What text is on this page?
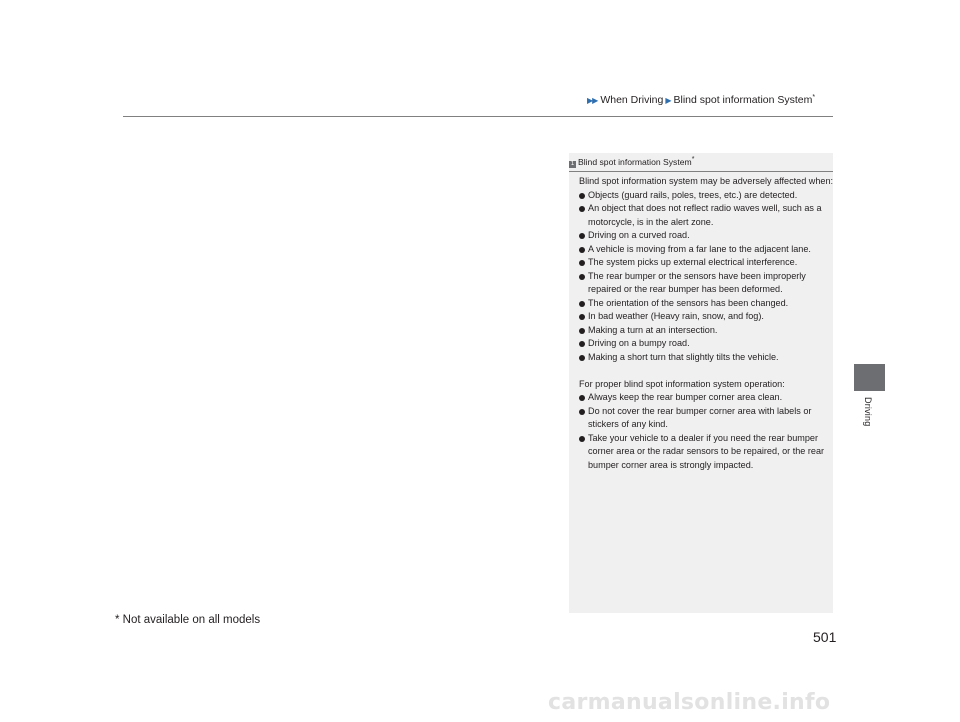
▶▶ When Driving ▶ Blind spot information System*
1 Blind spot information System*

Blind spot information system may be adversely affected when:

Objects (guard rails, poles, trees, etc.) are detected.
An object that does not reflect radio waves well, such as a motorcycle, is in the alert zone.
Driving on a curved road.
A vehicle is moving from a far lane to the adjacent lane.
The system picks up external electrical interference.
The rear bumper or the sensors have been improperly repaired or the rear bumper has been deformed.
The orientation of the sensors has been changed.
In bad weather (Heavy rain, snow, and fog).
Making a turn at an intersection.
Driving on a bumpy road.
Making a short turn that slightly tilts the vehicle.

For proper blind spot information system operation:

Always keep the rear bumper corner area clean.
Do not cover the rear bumper corner area with labels or stickers of any kind.
Take your vehicle to a dealer if you need the rear bumper corner area or the radar sensors to be repaired, or the rear bumper corner area is strongly impacted.
Driving
* Not available on all models
501
carmanualsonline.info
